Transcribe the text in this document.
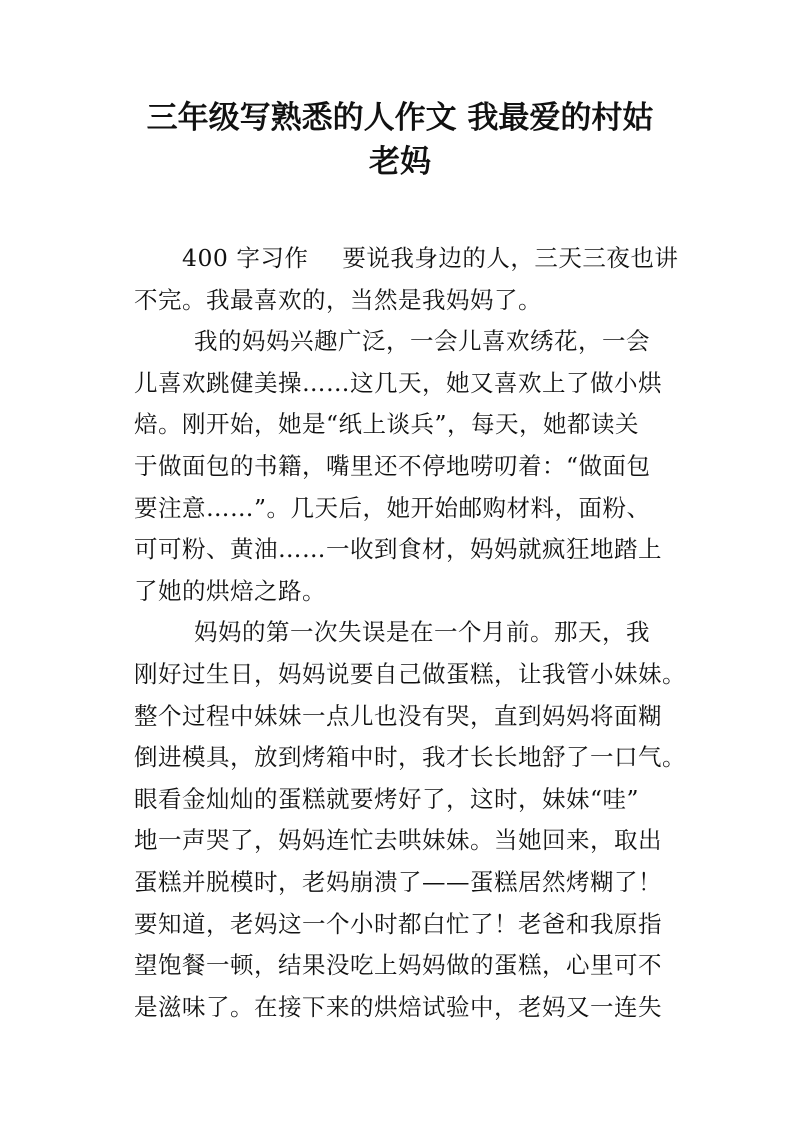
三年级写熟悉的人作文 我最爱的村姑
老妈
400 字习作 要说我身边的人，三天三夜也讲
不完。我最喜欢的，当然是我妈妈了。
我的妈妈兴趣广泛，一会儿喜欢绣花，一会
儿喜欢跳健美操……这几天，她又喜欢上了做小烘
焙。刚开始，她是“纸上谈兵”，每天，她都读关
于做面包的书籍，嘴里还不停地唠叨着：“做面包
要注意……”。几天后，她开始邮购材料，面粉、
可可粉、黄油……一收到食材，妈妈就疯狂地踏上
了她的烘焙之路。
妈妈的第一次失误是在一个月前。那天，我
刚好过生日，妈妈说要自己做蛋糕，让我管小妹妹。
整个过程中妹妹一点儿也没有哭，直到妈妈将面糊
倒进模具，放到烤箱中时，我才长长地舒了一口气。
眼看金灿灿的蛋糕就要烤好了，这时，妹妹“哇”
地一声哭了，妈妈连忙去哄妹妹。当她回来，取出
蛋糕并脱模时，老妈崩溃了——蛋糕居然烤糊了！
要知道，老妈这一个小时都白忙了！老爸和我原指
望饱餐一顿，结果没吃上妈妈做的蛋糕，心里可不
是滋味了。在接下来的烘焙试验中，老妈又一连失
